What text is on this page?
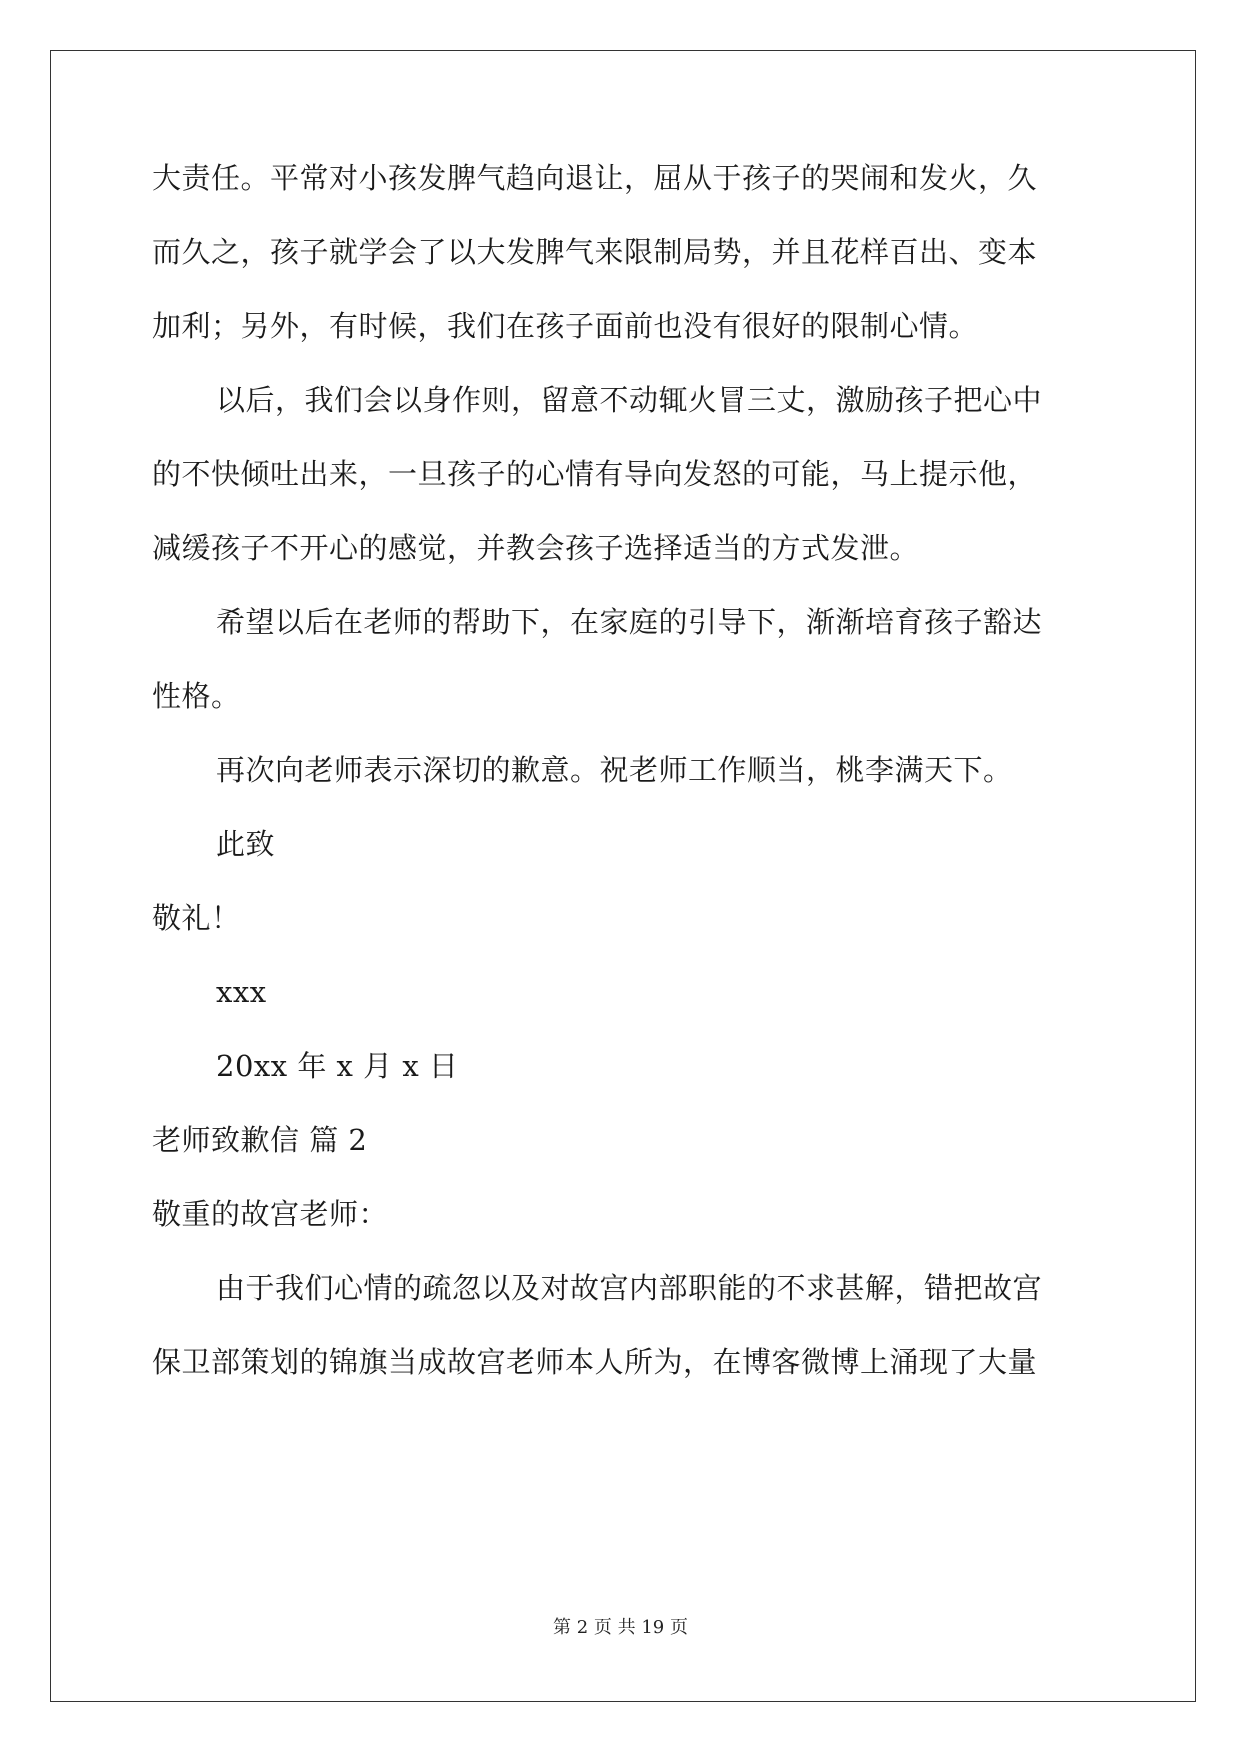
大责任。平常对小孩发脾气趋向退让，屈从于孩子的哭闹和发火，久
而久之，孩子就学会了以大发脾气来限制局势，并且花样百出、变本
加利；另外，有时候，我们在孩子面前也没有很好的限制心情。
以后，我们会以身作则，留意不动辄火冒三丈，激励孩子把心中
的不快倾吐出来，一旦孩子的心情有导向发怒的可能，马上提示他，
减缓孩子不开心的感觉，并教会孩子选择适当的方式发泄。
希望以后在老师的帮助下，在家庭的引导下，渐渐培育孩子豁达
性格。
再次向老师表示深切的歉意。祝老师工作顺当，桃李满天下。
此致
敬礼！
xxx
20xx 年 x 月 x 日
老师致歉信 篇 2
敬重的故宫老师：
由于我们心情的疏忽以及对故宫内部职能的不求甚解，错把故宫
保卫部策划的锦旗当成故宫老师本人所为，在博客微博上涌现了大量
第 2 页 共 19 页
